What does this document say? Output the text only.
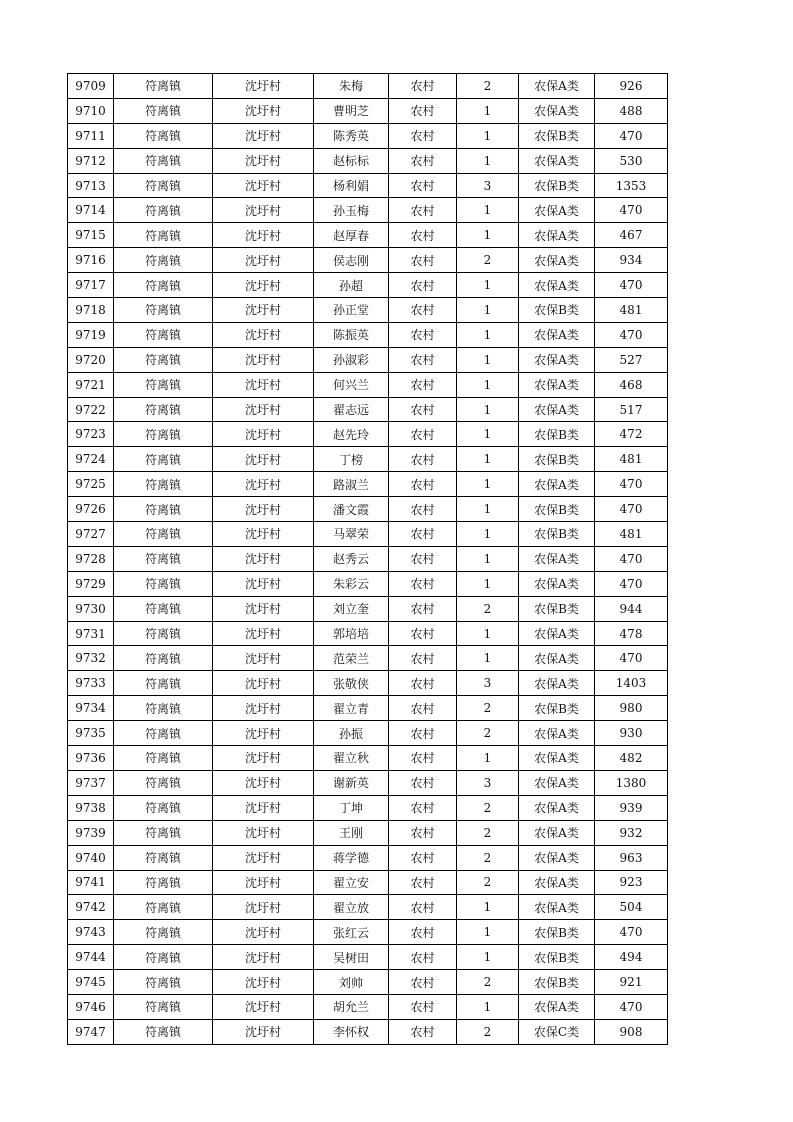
9709	符离镇	沈圩村	朱梅	农村	2	农保A类	926
9710	符离镇	沈圩村	曹明芝	农村	1	农保A类	488
9711	符离镇	沈圩村	陈秀英	农村	1	农保B类	470
9712	符离镇	沈圩村	赵标标	农村	1	农保A类	530
9713	符离镇	沈圩村	杨利娟	农村	3	农保B类	1353
9714	符离镇	沈圩村	孙玉梅	农村	1	农保A类	470
9715	符离镇	沈圩村	赵厚春	农村	1	农保A类	467
9716	符离镇	沈圩村	侯志刚	农村	2	农保A类	934
9717	符离镇	沈圩村	孙超	农村	1	农保A类	470
9718	符离镇	沈圩村	孙正堂	农村	1	农保B类	481
9719	符离镇	沈圩村	陈振英	农村	1	农保A类	470
9720	符离镇	沈圩村	孙淑彩	农村	1	农保A类	527
9721	符离镇	沈圩村	何兴兰	农村	1	农保A类	468
9722	符离镇	沈圩村	翟志远	农村	1	农保A类	517
9723	符离镇	沈圩村	赵先玲	农村	1	农保B类	472
9724	符离镇	沈圩村	丁榜	农村	1	农保B类	481
9725	符离镇	沈圩村	路淑兰	农村	1	农保A类	470
9726	符离镇	沈圩村	潘文霞	农村	1	农保B类	470
9727	符离镇	沈圩村	马翠荣	农村	1	农保B类	481
9728	符离镇	沈圩村	赵秀云	农村	1	农保A类	470
9729	符离镇	沈圩村	朱彩云	农村	1	农保A类	470
9730	符离镇	沈圩村	刘立奎	农村	2	农保B类	944
9731	符离镇	沈圩村	郭培培	农村	1	农保A类	478
9732	符离镇	沈圩村	范荣兰	农村	1	农保A类	470
9733	符离镇	沈圩村	张敬侠	农村	3	农保A类	1403
9734	符离镇	沈圩村	翟立青	农村	2	农保B类	980
9735	符离镇	沈圩村	孙振	农村	2	农保A类	930
9736	符离镇	沈圩村	翟立秋	农村	1	农保A类	482
9737	符离镇	沈圩村	谢新英	农村	3	农保A类	1380
9738	符离镇	沈圩村	丁坤	农村	2	农保A类	939
9739	符离镇	沈圩村	王刚	农村	2	农保A类	932
9740	符离镇	沈圩村	蒋学德	农村	2	农保A类	963
9741	符离镇	沈圩村	翟立安	农村	2	农保A类	923
9742	符离镇	沈圩村	翟立放	农村	1	农保A类	504
9743	符离镇	沈圩村	张红云	农村	1	农保B类	470
9744	符离镇	沈圩村	吴树田	农村	1	农保B类	494
9745	符离镇	沈圩村	刘帅	农村	2	农保B类	921
9746	符离镇	沈圩村	胡允兰	农村	1	农保A类	470
9747	符离镇	沈圩村	李怀权	农村	2	农保C类	908
